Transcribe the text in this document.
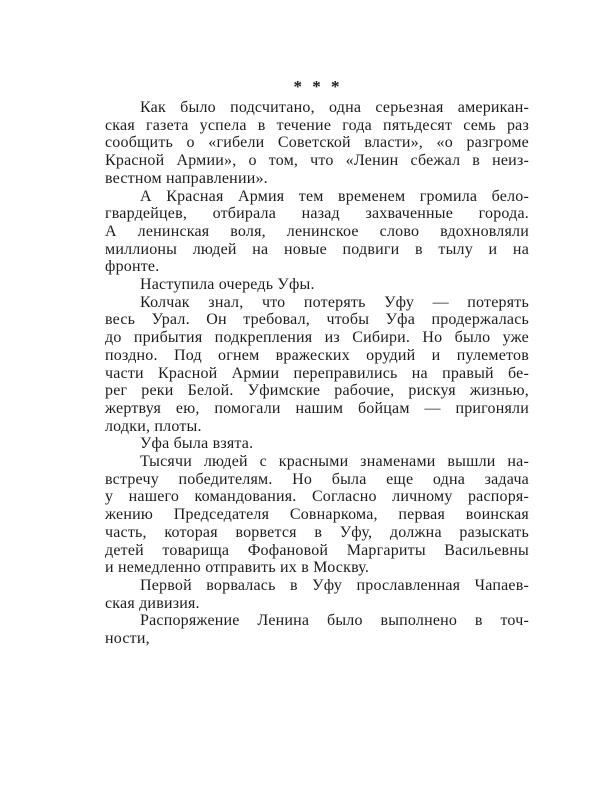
* * *
Как было подсчитано, одна серьезная американ-
ская газета успела в течение года пятьдесят семь раз
сообщить о «гибели Советской власти», «о разгроме
Красной Армии», о том, что «Ленин сбежал в неиз-
вестном направлении».
А Красная Армия тем временем громила бело-
гвардейцев, отбирала назад захваченные города.
А ленинская воля, ленинское слово вдохновляли
миллионы людей на новые подвиги в тылу и на
фронте.
Наступила очередь Уфы.
Колчак знал, что потерять Уфу — потерять
весь Урал. Он требовал, чтобы Уфа продержалась
до прибытия подкрепления из Сибири. Но было уже
поздно. Под огнем вражеских орудий и пулеметов
части Красной Армии переправились на правый бе-
рег реки Белой. Уфимские рабочие, рискуя жизнью,
жертвуя ею, помогали нашим бойцам — пригоняли
лодки, плоты.
Уфа была взята.
Тысячи людей с красными знаменами вышли на-
встречу победителям. Но была еще одна задача
у нашего командования. Согласно личному распоря-
жению Председателя Совнаркома, первая воинская
часть, которая ворвется в Уфу, должна разыскать
детей товарища Фофановой Маргариты Васильевны
и немедленно отправить их в Москву.
Первой ворвалась в Уфу прославленная Чапаев-
ская дивизия.
Распоряжение Ленина было выполнено в точ-
ности,
